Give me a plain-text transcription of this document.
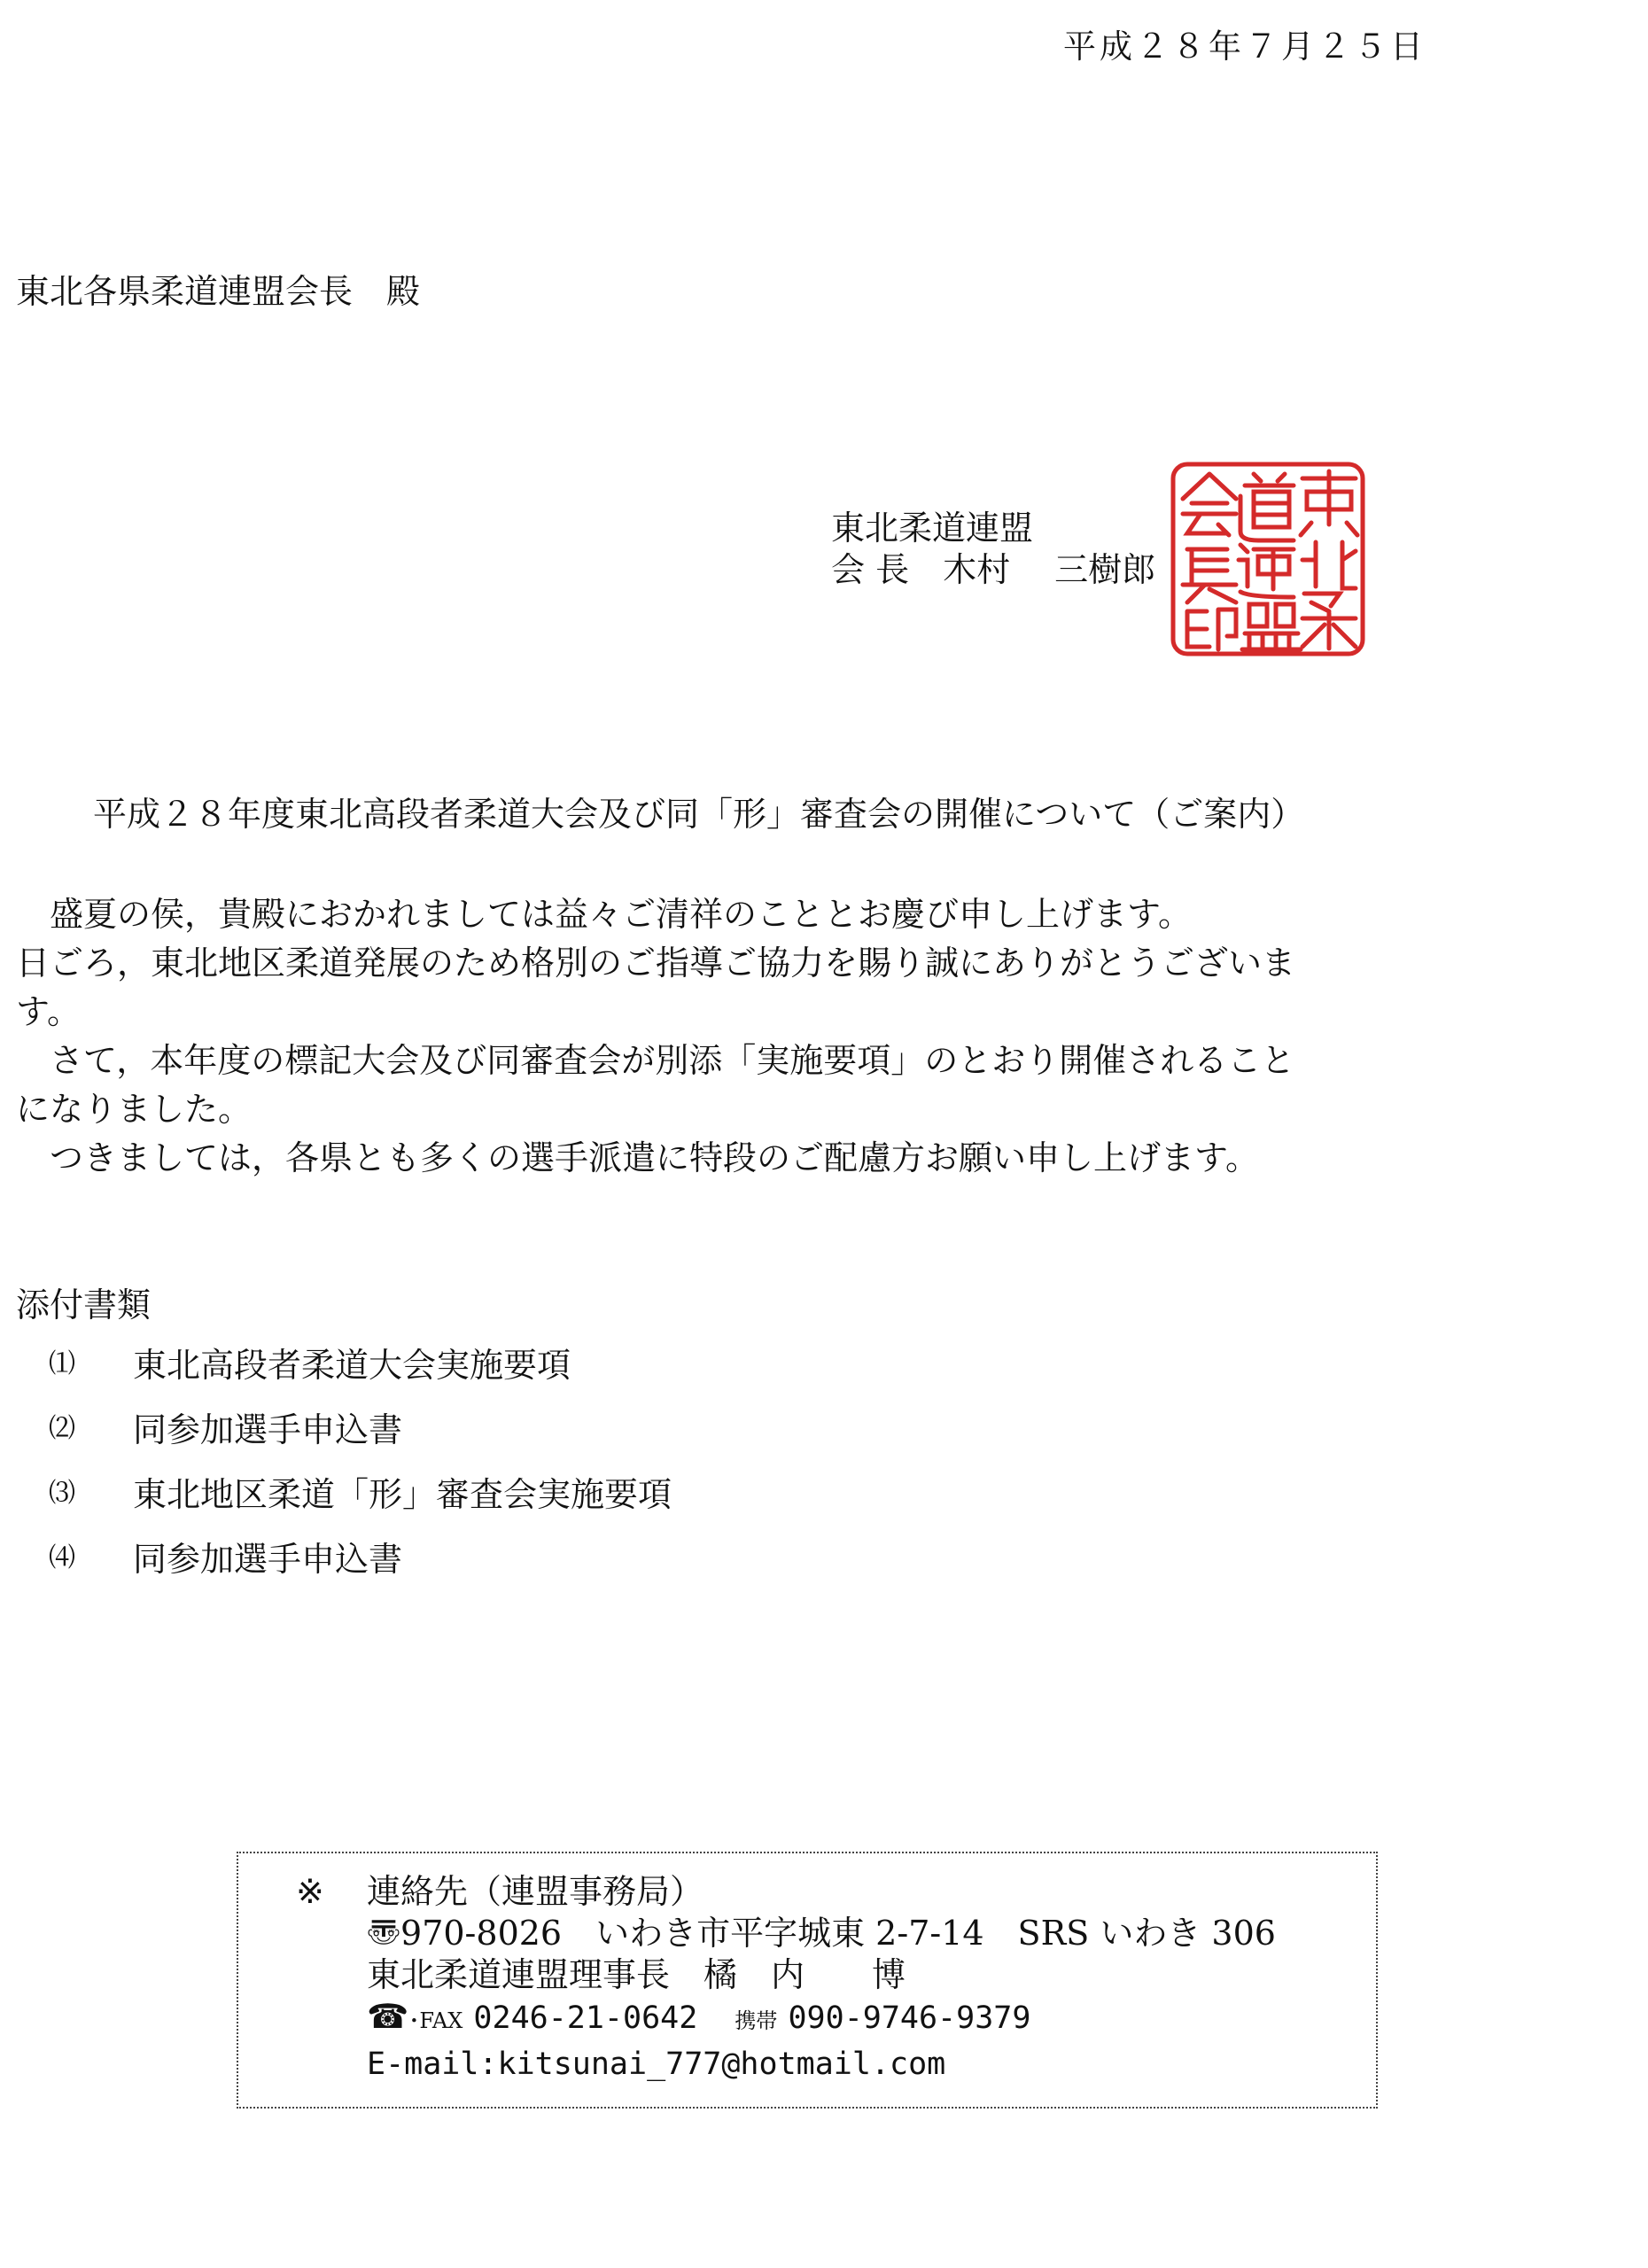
平成２８年７月２５日
東北各県柔道連盟会長　殿
東北柔道連盟
会 長 木村　 三樹郎
平成２８年度東北高段者柔道大会及び同「形」審査会の開催について（ご案内）
　盛夏の侯，貴殿におかれましては益々ご清祥のこととお慶び申し上げます。
日ごろ，東北地区柔道発展のため格別のご指導ご協力を賜り誠にありがとうございま
す。
　さて，本年度の標記大会及び同審査会が別添「実施要項」のとおり開催されること
になりました。
　つきましては，各県とも多くの選手派遣に特段のご配慮方お願い申し上げます。
添付書類
⑴	東北高段者柔道大会実施要項
⑵	同参加選手申込書
⑶	東北地区柔道「形」審査会実施要項
⑷	同参加選手申込書
※ 連絡先（連盟事務局）
〠970-8026　いわき市平字城東 2-7-14　SRS いわき 306
東北柔道連盟理事長　橘　内　　博
☎･FAX 0246-21-0642 携帯 090-9746-9379
E-mail:kitsunai_777@hotmail.com
